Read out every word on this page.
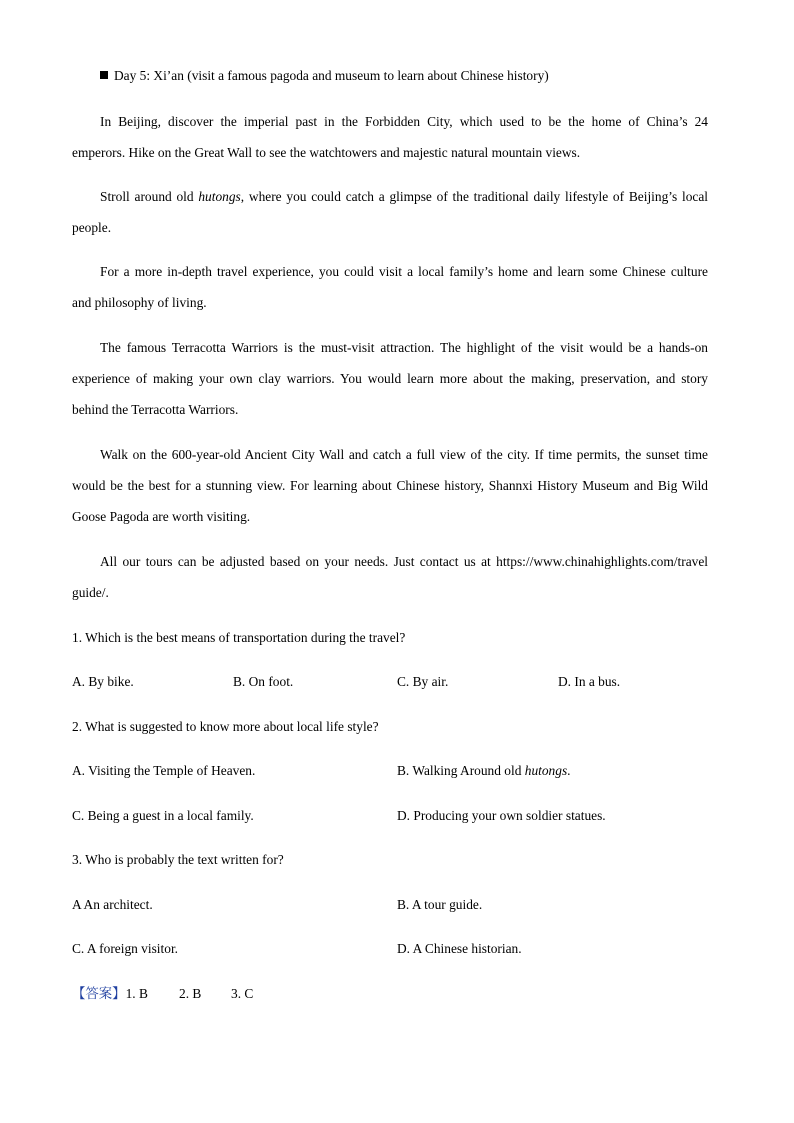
Day 5: Xi’an (visit a famous pagoda and museum to learn about Chinese history)
In Beijing, discover the imperial past in the Forbidden City, which used to be the home of China’s 24
emperors. Hike on the Great Wall to see the watchtowers and majestic natural mountain views.
Stroll around old hutongs, where you could catch a glimpse of the traditional daily lifestyle of Beijing’s local
people.
For a more in-depth travel experience, you could visit a local family’s home and learn some Chinese culture
and philosophy of living.
The famous Terracotta Warriors is the must-visit attraction. The highlight of the visit would be a hands-on
experience of making your own clay warriors. You would learn more about the making, preservation, and story
behind the Terracotta Warriors.
Walk on the 600-year-old Ancient City Wall and catch a full view of the city. If time permits, the sunset time
would be the best for a stunning view. For learning about Chinese history, Shannxi History Museum and Big Wild
Goose Pagoda are worth visiting.
All our tours can be adjusted based on your needs. Just contact us at https://www.chinahighlights.com/travel
guide/.
1. Which is the best means of transportation during the travel?
A. By bike.	B. On foot.	C. By air.	D. In a bus.
2. What is suggested to know more about local life style?
A. Visiting the Temple of Heaven.	B. Walking Around old hutongs.
C. Being a guest in a local family.	D. Producing your own soldier statues.
3. Who is probably the text written for?
A An architect.	B. A tour guide.
C. A foreign visitor.	D. A Chinese historian.
【答案】1. B 2. B 3. C
